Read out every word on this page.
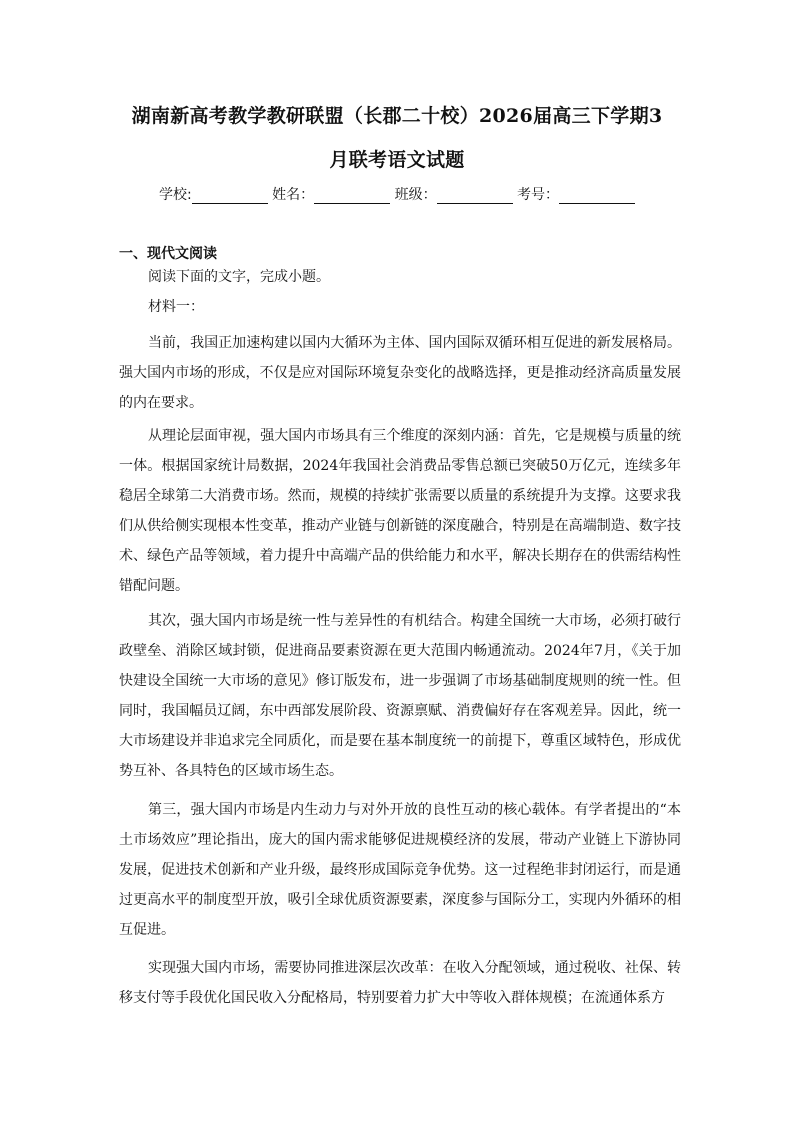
湖南新高考教学教研联盟（长郡二十校）2026届高三下学期3
月联考语文试题
学校:	姓名：	班级：	考号：
一、现代文阅读
阅读下面的文字，完成小题。
材料一：
当前，我国正加速构建以国内大循环为主体、国内国际双循环相互促进的新发展格局。强大国内市场的形成，不仅是应对国际环境复杂变化的战略选择，更是推动经济高质量发展的内在要求。
从理论层面审视，强大国内市场具有三个维度的深刻内涵：首先，它是规模与质量的统一体。根据国家统计局数据，2024年我国社会消费品零售总额已突破50万亿元，连续多年稳居全球第二大消费市场。然而，规模的持续扩张需要以质量的系统提升为支撑。这要求我们从供给侧实现根本性变革，推动产业链与创新链的深度融合，特别是在高端制造、数字技术、绿色产品等领域，着力提升中高端产品的供给能力和水平，解决长期存在的供需结构性错配问题。
其次，强大国内市场是统一性与差异性的有机结合。构建全国统一大市场，必须打破行政壁垒、消除区域封锁，促进商品要素资源在更大范围内畅通流动。2024年7月，《关于加快建设全国统一大市场的意见》修订版发布，进一步强调了市场基础制度规则的统一性。但同时，我国幅员辽阔，东中西部发展阶段、资源禀赋、消费偏好存在客观差异。因此，统一大市场建设并非追求完全同质化，而是要在基本制度统一的前提下，尊重区域特色，形成优势互补、各具特色的区域市场生态。
第三，强大国内市场是内生动力与对外开放的良性互动的核心载体。有学者提出的“本土市场效应”理论指出，庞大的国内需求能够促进规模经济的发展，带动产业链上下游协同发展，促进技术创新和产业升级，最终形成国际竞争优势。这一过程绝非封闭运行，而是通过更高水平的制度型开放，吸引全球优质资源要素，深度参与国际分工，实现内外循环的相互促进。
实现强大国内市场，需要协同推进深层次改革：在收入分配领域，通过税收、社保、转移支付等手段优化国民收入分配格局，特别要着力扩大中等收入群体规模；在流通体系方
